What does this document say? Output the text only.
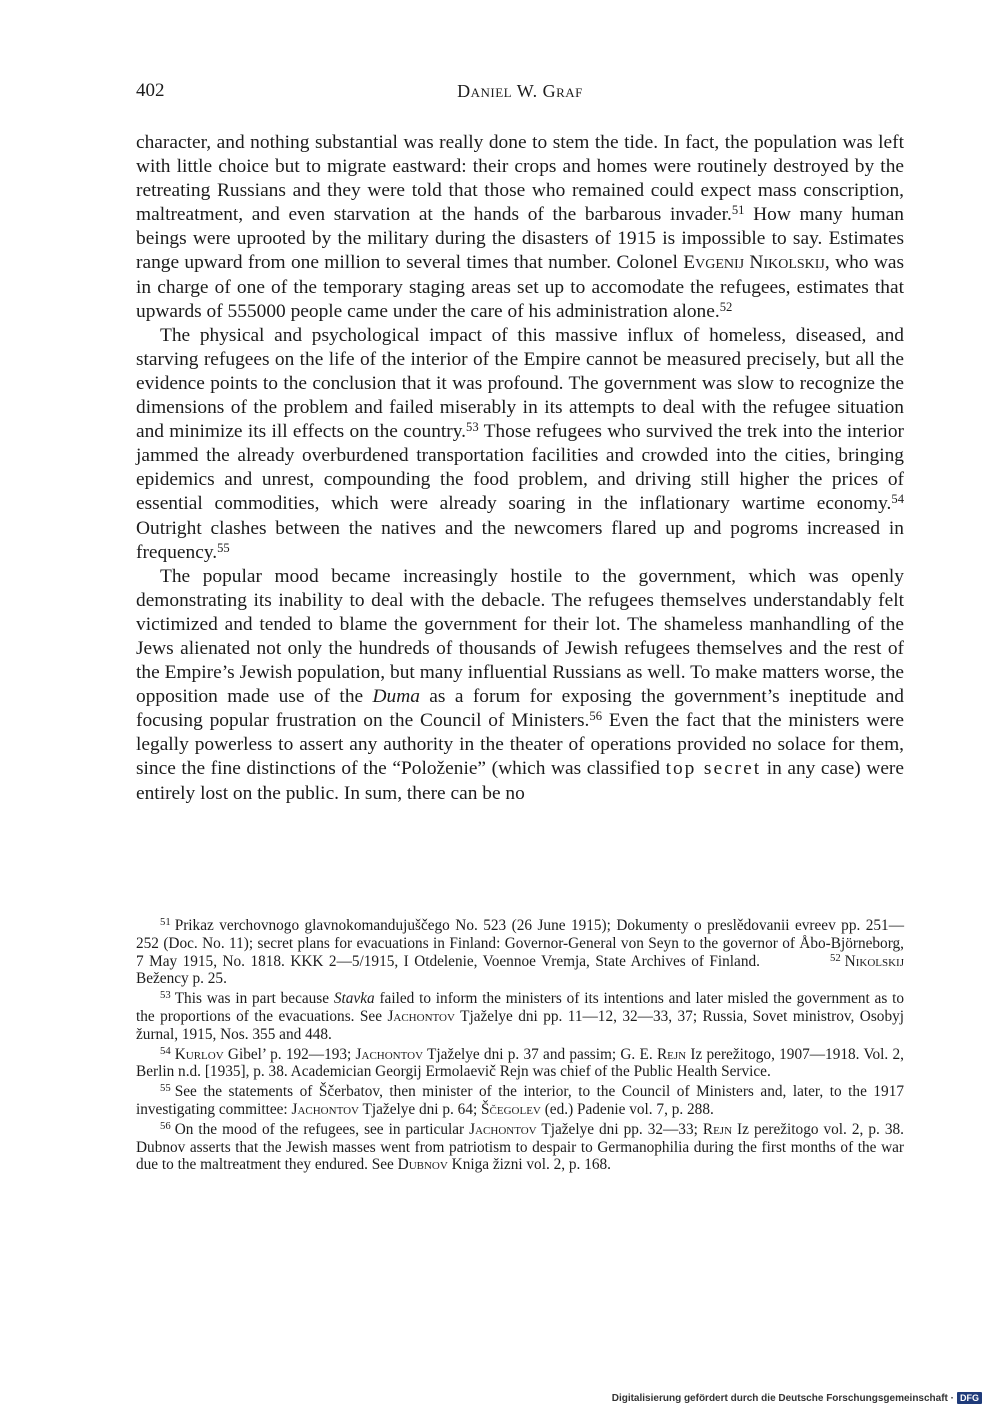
402	Daniel W. Graf

character, and nothing substantial was really done to stem the tide. In fact, the population was left with little choice but to migrate eastward: their crops and homes were routinely destroyed by the retreating Russians and they were told that those who remained could expect mass conscription, maltreatment, and even starvation at the hands of the barbarous invader.$^{51}$ How many human beings were uprooted by the military during the disasters of 1915 is impossible to say. Estimates range upward from one million to several times that number. Colonel Evgenij Nikolskij, who was in charge of one of the temporary staging areas set up to accomodate the refugees, estimates that upwards of 555000 people came under the care of his administration alone.$^{52}$

The physical and psychological impact of this massive influx of homeless, diseased, and starving refugees on the life of the interior of the Empire cannot be measured precisely, but all the evidence points to the conclusion that it was profound. The government was slow to recognize the dimensions of the problem and failed miserably in its attempts to deal with the refugee situation and minimize its ill effects on the country.$^{53}$ Those refugees who survived the trek into the interior jammed the already overburdened transportation facilities and crowded into the cities, bringing epidemics and unrest, compounding the food problem, and driving still higher the prices of essential commodities, which were already soaring in the inflationary wartime economy.$^{54}$ Outright clashes between the natives and the newcomers flared up and pogroms increased in frequency.$^{55}$

The popular mood became increasingly hostile to the government, which was openly demonstrating its inability to deal with the debacle. The refugees themselves understandably felt victimized and tended to blame the government for their lot. The shameless manhandling of the Jews alienated not only the hundreds of thousands of Jewish refugees themselves and the rest of the Empire’s Jewish population, but many influential Russians as well. To make matters worse, the opposition made use of the Duma as a forum for exposing the government’s ineptitude and focusing popular frustration on the Council of Ministers.$^{56}$ Even the fact that the ministers were legally powerless to assert any authority in the theater of operations provided no solace for them, since the fine distinctions of the “Položenie” (which was classified top secret in any case) were entirely lost on the public. In sum, there can be no

$^{51}$ Prikaz verchovnogo glavnokomandujuščego No. 523 (26 June 1915); Dokumenty o preslědovanii evreev pp. 251—252 (Doc. No. 11); secret plans for evacuations in Finland: Governor-General von Seyn to the governor of Åbo-Björneborg, 7 May 1915, No. 1818. KKK 2—5/1915, I Otdelenie, Voennoe Vremja, State Archives of Finland.	$^{52}$ Nikolskij Bežency p. 25.

$^{53}$ This was in part because Stavka failed to inform the ministers of its intentions and later misled the government as to the proportions of the evacuations. See Jachontov Tjaželye dni pp. 11—12, 32—33, 37; Russia, Sovet ministrov, Osobyj žurnal, 1915, Nos. 355 and 448.

$^{54}$ Kurlov Gibel’ p. 192—193; Jachontov Tjaželye dni p. 37 and passim; G. E. Rejn Iz perežitogo, 1907—1918. Vol. 2, Berlin n.d. [1935], p. 38. Academician Georgij Ermolaevič Rejn was chief of the Public Health Service.

$^{55}$ See the statements of Ščerbatov, then minister of the interior, to the Council of Ministers and, later, to the 1917 investigating committee: Jachontov Tjaželye dni p. 64; Ščegolev (ed.) Padenie vol. 7, p. 288.

$^{56}$ On the mood of the refugees, see in particular Jachontov Tjaželye dni pp. 32—33; Rejn Iz perežitogo vol. 2, p. 38. Dubnov asserts that the Jewish masses went from patriotism to despair to Germanophilia during the first months of the war due to the maltreatment they endured. See Dubnov Kniga žizni vol. 2, p. 168.

Digitalisierung gefördert durch die Deutsche Forschungsgemeinschaft · DFG
